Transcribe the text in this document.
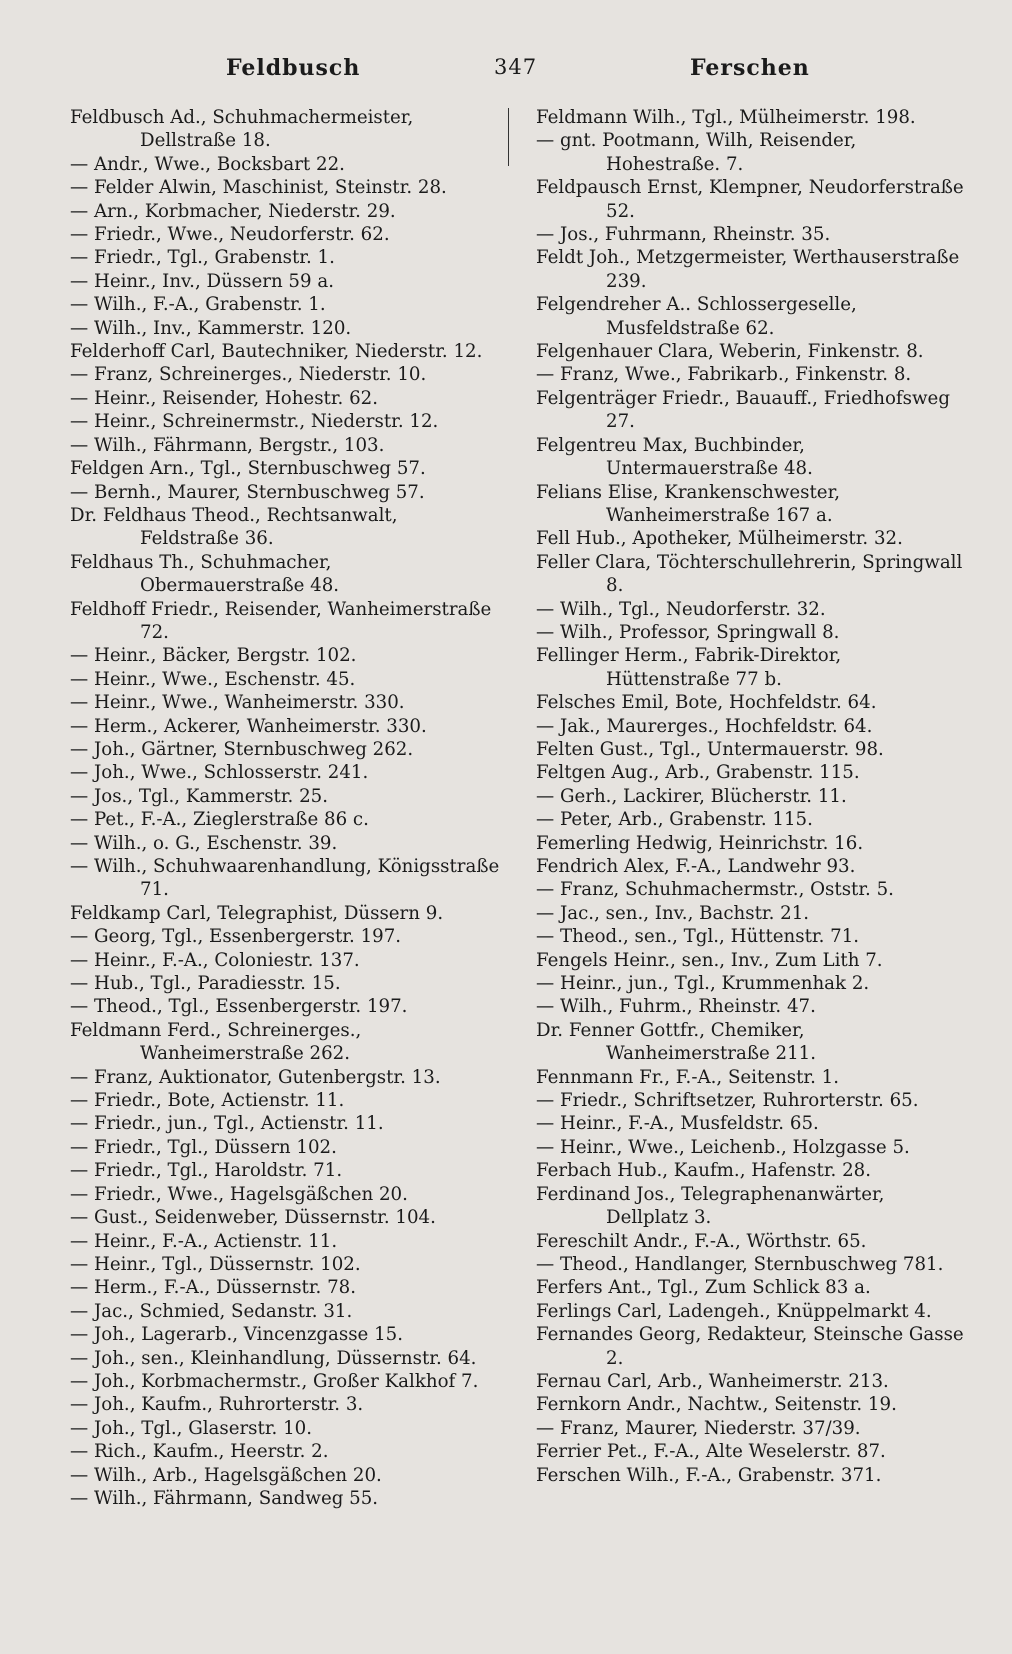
Feldbusch	347	Ferschen

Feldbusch Ad., Schuhmachermeister, Dellstraße 18.

— Andr., Wwe., Bocksbart 22.

— Felder Alwin, Maschinist, Steinstr. 28.

— Arn., Korbmacher, Niederstr. 29.

— Friedr., Wwe., Neudorferstr. 62.

— Friedr., Tgl., Grabenstr. 1.

— Heinr., Inv., Düssern 59 a.

— Wilh., F.-A., Grabenstr. 1.

— Wilh., Inv., Kammerstr. 120.

Felderhoff Carl, Bautechniker, Niederstr. 12.

— Franz, Schreinerges., Niederstr. 10.

— Heinr., Reisender, Hohestr. 62.

— Heinr., Schreinermstr., Niederstr. 12.

— Wilh., Fährmann, Bergstr., 103.

Feldgen Arn., Tgl., Sternbuschweg 57.

— Bernh., Maurer, Sternbuschweg 57.

Dr. Feldhaus Theod., Rechtsanwalt, Feldstraße 36.

Feldhaus Th., Schuhmacher, Obermauerstraße 48.

Feldhoff Friedr., Reisender, Wanheimerstraße 72.

— Heinr., Bäcker, Bergstr. 102.

— Heinr., Wwe., Eschenstr. 45.

— Heinr., Wwe., Wanheimerstr. 330.

— Herm., Ackerer, Wanheimerstr. 330.

— Joh., Gärtner, Sternbuschweg 262.

— Joh., Wwe., Schlosserstr. 241.

— Jos., Tgl., Kammerstr. 25.

— Pet., F.-A., Zieglerstraße 86 c.

— Wilh., o. G., Eschenstr. 39.

— Wilh., Schuhwaarenhandlung, Königsstraße 71.

Feldkamp Carl, Telegraphist, Düssern 9.

— Georg, Tgl., Essenbergerstr. 197.

— Heinr., F.-A., Coloniestr. 137.

— Hub., Tgl., Paradiesstr. 15.

— Theod., Tgl., Essenbergerstr. 197.

Feldmann Ferd., Schreinerges., Wanheimerstraße 262.

— Franz, Auktionator, Gutenbergstr. 13.

— Friedr., Bote, Actienstr. 11.

— Friedr., jun., Tgl., Actienstr. 11.

— Friedr., Tgl., Düssern 102.

— Friedr., Tgl., Haroldstr. 71.

— Friedr., Wwe., Hagelsgäßchen 20.

— Gust., Seidenweber, Düssernstr. 104.

— Heinr., F.-A., Actienstr. 11.

— Heinr., Tgl., Düssernstr. 102.

— Herm., F.-A., Düssernstr. 78.

— Jac., Schmied, Sedanstr. 31.

— Joh., Lagerarb., Vincenzgasse 15.

— Joh., sen., Kleinhandlung, Düssernstr. 64.

— Joh., Korbmachermstr., Großer Kalkhof 7.

— Joh., Kaufm., Ruhrorterstr. 3.

— Joh., Tgl., Glaserstr. 10.

— Rich., Kaufm., Heerstr. 2.

— Wilh., Arb., Hagelsgäßchen 20.

— Wilh., Fährmann, Sandweg 55.

Feldmann Wilh., Tgl., Mülheimerstr. 198.

— gnt. Pootmann, Wilh, Reisender, Hohestraße. 7.

Feldpausch Ernst, Klempner, Neudorferstraße 52.

— Jos., Fuhrmann, Rheinstr. 35.

Feldt Joh., Metzgermeister, Werthauserstraße 239.

Felgendreher A.. Schlossergeselle, Musfeldstraße 62.

Felgenhauer Clara, Weberin, Finkenstr. 8.

— Franz, Wwe., Fabrikarb., Finkenstr. 8.

Felgenträger Friedr., Bauauff., Friedhofsweg 27.

Felgentreu Max, Buchbinder, Untermauerstraße 48.

Felians Elise, Krankenschwester, Wanheimerstraße 167 a.

Fell Hub., Apotheker, Mülheimerstr. 32.

Feller Clara, Töchterschullehrerin, Springwall 8.

— Wilh., Tgl., Neudorferstr. 32.

— Wilh., Professor, Springwall 8.

Fellinger Herm., Fabrik-Direktor, Hüttenstraße 77 b.

Felsches Emil, Bote, Hochfeldstr. 64.

— Jak., Maurerges., Hochfeldstr. 64.

Felten Gust., Tgl., Untermauerstr. 98.

Feltgen Aug., Arb., Grabenstr. 115.

— Gerh., Lackirer, Blücherstr. 11.

— Peter, Arb., Grabenstr. 115.

Femerling Hedwig, Heinrichstr. 16.

Fendrich Alex, F.-A., Landwehr 93.

— Franz, Schuhmachermstr., Oststr. 5.

— Jac., sen., Inv., Bachstr. 21.

— Theod., sen., Tgl., Hüttenstr. 71.

Fengels Heinr., sen., Inv., Zum Lith 7.

— Heinr., jun., Tgl., Krummenhak 2.

— Wilh., Fuhrm., Rheinstr. 47.

Dr. Fenner Gottfr., Chemiker, Wanheimerstraße 211.

Fennmann Fr., F.-A., Seitenstr. 1.

— Friedr., Schriftsetzer, Ruhrorterstr. 65.

— Heinr., F.-A., Musfeldstr. 65.

— Heinr., Wwe., Leichenb., Holzgasse 5.

Ferbach Hub., Kaufm., Hafenstr. 28.

Ferdinand Jos., Telegraphenanwärter, Dellplatz 3.

Fereschilt Andr., F.-A., Wörthstr. 65.

— Theod., Handlanger, Sternbuschweg 781.

Ferfers Ant., Tgl., Zum Schlick 83 a.

Ferlings Carl, Ladengeh., Knüppelmarkt 4.

Fernandes Georg, Redakteur, Steinsche Gasse 2.

Fernau Carl, Arb., Wanheimerstr. 213.

Fernkorn Andr., Nachtw., Seitenstr. 19.

— Franz, Maurer, Niederstr. 37/39.

Ferrier Pet., F.-A., Alte Weselerstr. 87.

Ferschen Wilh., F.-A., Grabenstr. 371.
